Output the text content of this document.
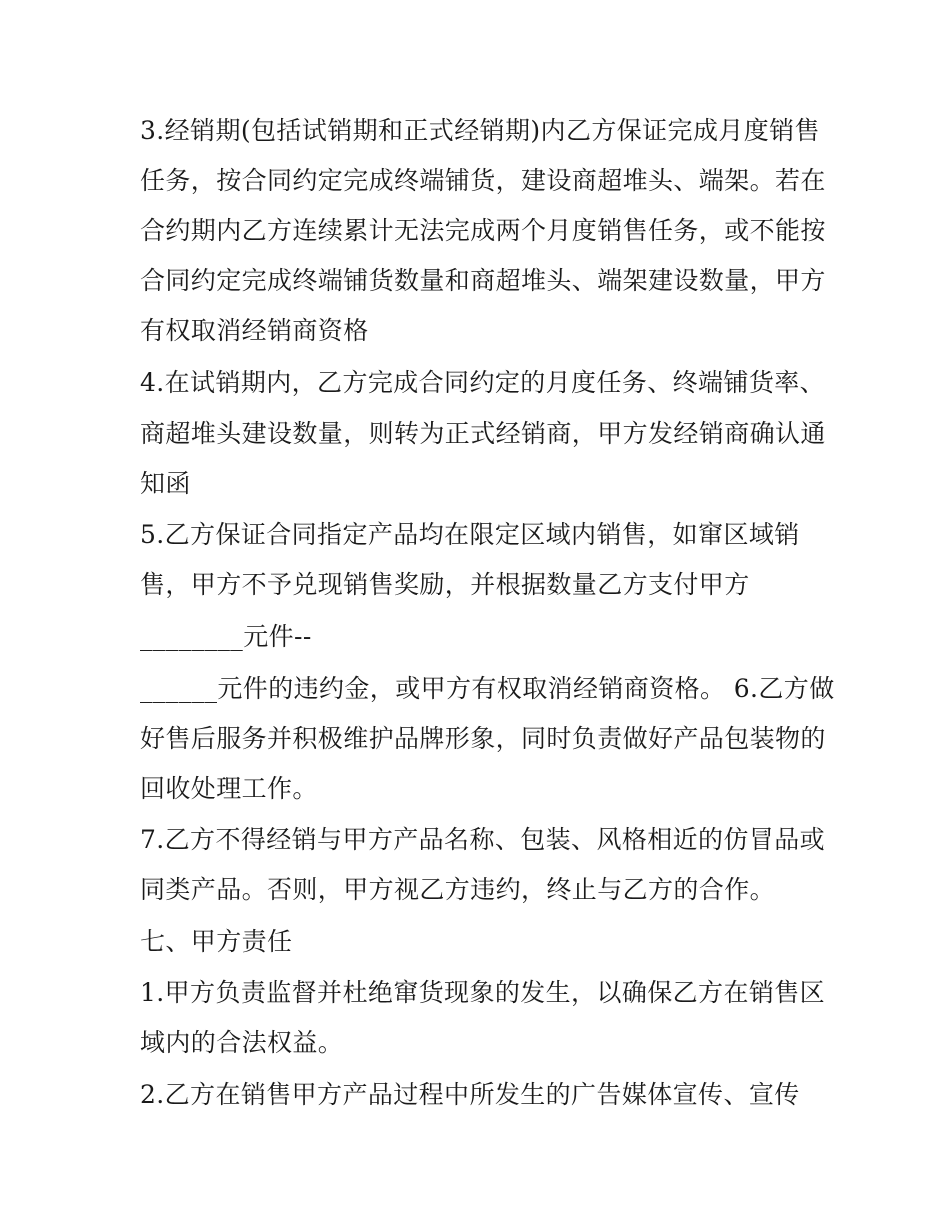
3.经销期(包括试销期和正式经销期)内乙方保证完成月度销售
任务，按合同约定完成终端铺货，建设商超堆头、端架。若在
合约期内乙方连续累计无法完成两个月度销售任务，或不能按
合同约定完成终端铺货数量和商超堆头、端架建设数量，甲方
有权取消经销商资格
4.在试销期内，乙方完成合同约定的月度任务、终端铺货率、
商超堆头建设数量，则转为正式经销商，甲方发经销商确认通
知函
5.乙方保证合同指定产品均在限定区域内销售，如窜区域销
售，甲方不予兑现销售奖励，并根据数量乙方支付甲方
________元件--
______元件的违约金，或甲方有权取消经销商资格。 6.乙方做
好售后服务并积极维护品牌形象，同时负责做好产品包装物的
回收处理工作。
7.乙方不得经销与甲方产品名称、包装、风格相近的仿冒品或
同类产品。否则，甲方视乙方违约，终止与乙方的合作。
七、甲方责任
1.甲方负责监督并杜绝窜货现象的发生，以确保乙方在销售区
域内的合法权益。
2.乙方在销售甲方产品过程中所发生的广告媒体宣传、宣传
